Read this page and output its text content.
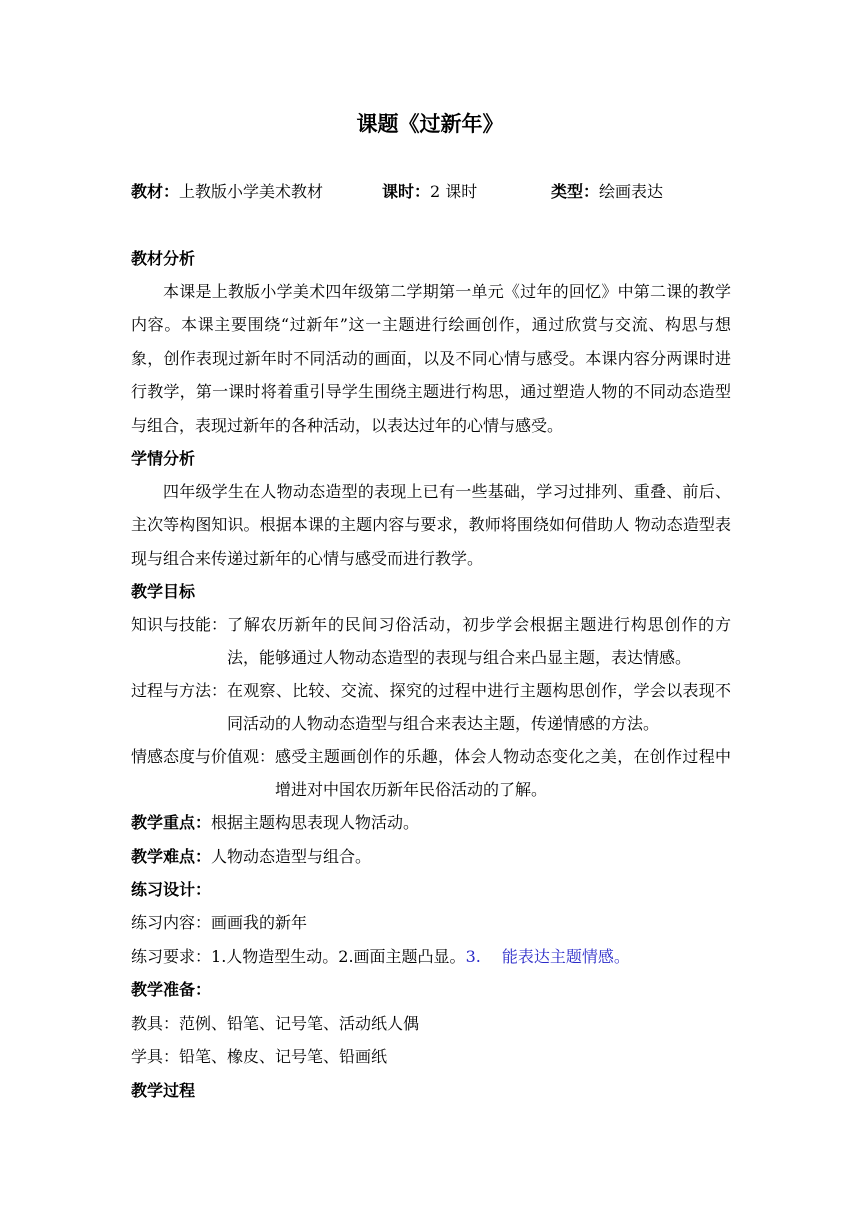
课题《过新年》
教材：上教版小学美术教材	课时：2 课时	类型：绘画表达
教材分析
本课是上教版小学美术四年级第二学期第一单元《过年的回忆》中第二课的教学内容。本课主要围绕“过新年”这一主题进行绘画创作，通过欣赏与交流、构思与想象，创作表现过新年时不同活动的画面，以及不同心情与感受。本课内容分两课时进行教学，第一课时将着重引导学生围绕主题进行构思，通过塑造人物的不同动态造型与组合，表现过新年的各种活动，以表达过年的心情与感受。
学情分析
四年级学生在人物动态造型的表现上已有一些基础，学习过排列、重叠、前后、主次等构图知识。根据本课的主题内容与要求，教师将围绕如何借助人 物动态造型表现与组合来传递过新年的心情与感受而进行教学。
教学目标
知识与技能： 了解农历新年的民间习俗活动，初步学会根据主题进行构思创作的方法，能够通过人物动态造型的表现与组合来凸显主题，表达情感。
过程与方法： 在观察、比较、交流、探究的过程中进行主题构思创作，学会以表现不同活动的人物动态造型与组合来表达主题，传递情感的方法。
情感态度与价值观： 感受主题画创作的乐趣，体会人物动态变化之美，在创作过程中增进对中国农历新年民俗活动的了解。
教学重点：根据主题构思表现人物活动。
教学难点：人物动态造型与组合。
练习设计：
练习内容：画画我的新年
练习要求：1.人物造型生动。2.画面主题凸显。3.　 能表达主题情感。
教学准备：
教具：范例、铅笔、记号笔、活动纸人偶
学具：铅笔、橡皮、记号笔、铅画纸
教学过程
